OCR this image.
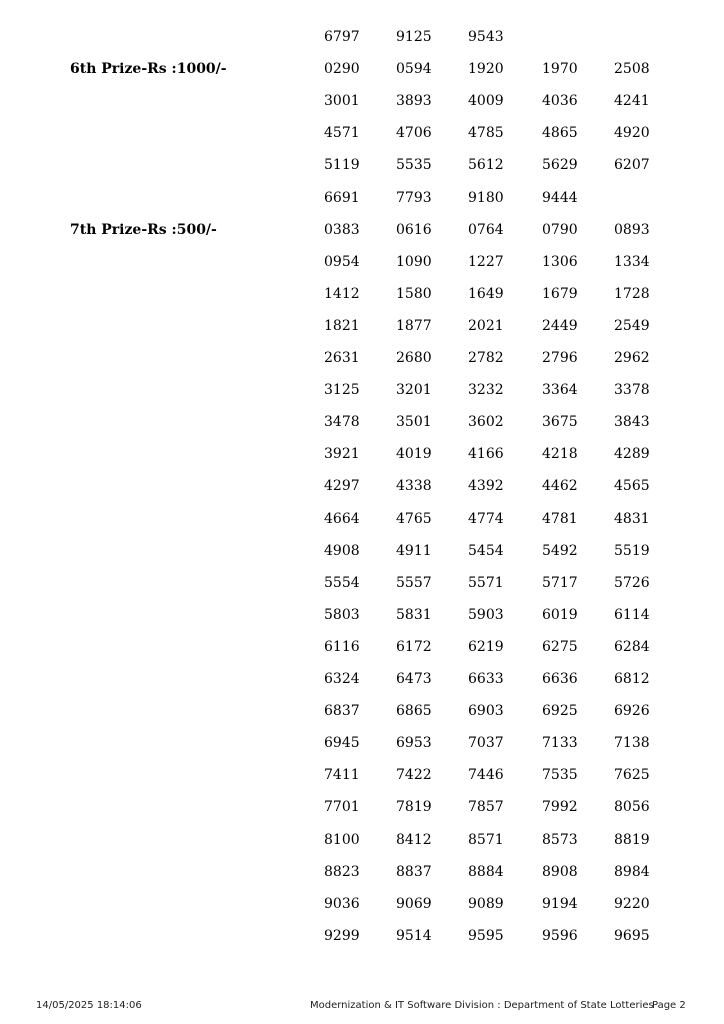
6797	9125	9543
6th Prize-Rs :1000/-	0290	0594	1920	1970	2508
3001	3893	4009	4036	4241
4571	4706	4785	4865	4920
5119	5535	5612	5629	6207
6691	7793	9180	9444
7th Prize-Rs :500/-	0383	0616	0764	0790	0893
0954	1090	1227	1306	1334
1412	1580	1649	1679	1728
1821	1877	2021	2449	2549
2631	2680	2782	2796	2962
3125	3201	3232	3364	3378
3478	3501	3602	3675	3843
3921	4019	4166	4218	4289
4297	4338	4392	4462	4565
4664	4765	4774	4781	4831
4908	4911	5454	5492	5519
5554	5557	5571	5717	5726
5803	5831	5903	6019	6114
6116	6172	6219	6275	6284
6324	6473	6633	6636	6812
6837	6865	6903	6925	6926
6945	6953	7037	7133	7138
7411	7422	7446	7535	7625
7701	7819	7857	7992	8056
8100	8412	8571	8573	8819
8823	8837	8884	8908	8984
9036	9069	9089	9194	9220
9299	9514	9595	9596	9695
14/05/2025 18:14:06	Modernization & IT Software Division : Department of State Lotteries
Page 2
